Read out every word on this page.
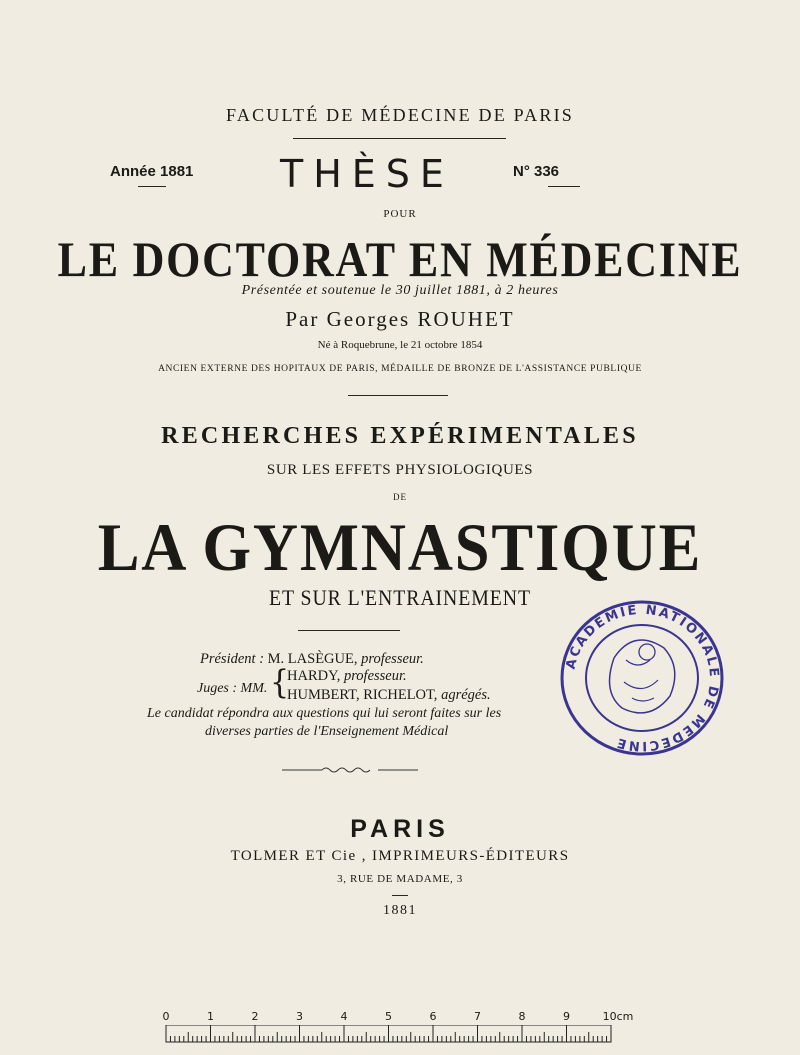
FACULTÉ DE MÉDECINE DE PARIS
Année 1881 THÈSE	N° 336
POUR
LE DOCTORAT EN MÉDECINE
Présentée et soutenue le 30 juillet 1881, à 2 heures
Par Georges ROUHET
Né à Roquebrune, le 21 octobre 1854
ANCIEN EXTERNE DES HOPITAUX DE PARIS, MÉDAILLE DE BRONZE DE L'ASSISTANCE PUBLIQUE
RECHERCHES EXPÉRIMENTALES
SUR LES EFFETS PHYSIOLOGIQUES
DE
LA GYMNASTIQUE
ET SUR L'ENTRAINEMENT
Président : M. LASÈGUE, professeur.
Juges : MM. {
HARDY, professeur.
HUMBERT, RICHELOT, agrégés.
Le candidat répondra aux questions qui lui seront faites sur les
diverses parties de l'Enseignement Médical
PARIS
TOLMER ET Cie , IMPRIMEURS-ÉDITEURS
3, RUE DE MADAME, 3
1881
ACADÉMIE NATIONALE DE MÉDECINE
0	1	2	3	4	5	6	7	8	9	10cm
